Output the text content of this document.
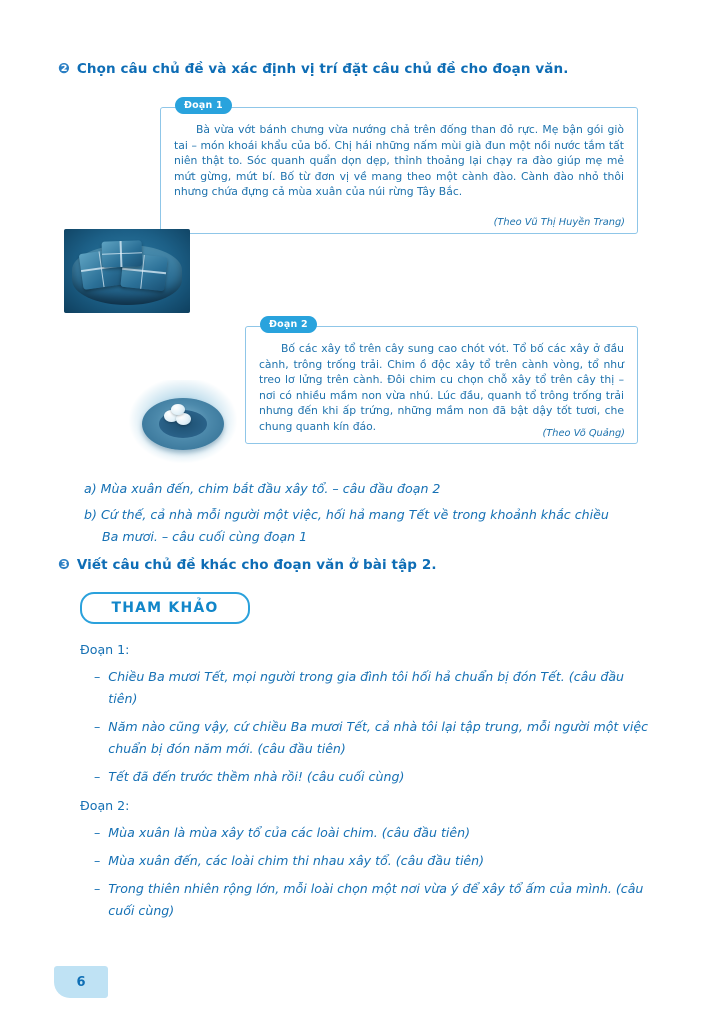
❷ Chọn câu chủ đề và xác định vị trí đặt câu chủ đề cho đoạn văn.
Đoạn 1
Bà vừa vớt bánh chưng vừa nướng chả trên đống than đỏ rực. Mẹ bận gói giò tai – món khoái khẩu của bố. Chị hái những nấm mùi già đun một nồi nước tắm tất niên thật to. Sóc quanh quẩn dọn dẹp, thỉnh thoảng lại chạy ra đào giúp mẹ mẻ mứt gừng, mứt bí. Bố từ đơn vị về mang theo một cành đào. Cành đào nhỏ thôi nhưng chứa đựng cả mùa xuân của núi rừng Tây Bắc.
(Theo Vũ Thị Huyền Trang)
Đoạn 2
Bố các xây tổ trên cây sung cao chót vót. Tổ bố các xây ở đầu cành, trông trống trải. Chim ồ độc xây tổ trên cành vòng, tổ như treo lơ lửng trên cành. Đôi chim cu chọn chỗ xây tổ trên cây thị – nơi có nhiều mầm non vừa nhú. Lúc đầu, quanh tổ trông trống trải nhưng đến khi ấp trứng, những mầm non đã bật dậy tốt tươi, che chung quanh kín đáo.
(Theo Võ Quảng)
a) Mùa xuân đến, chim bắt đầu xây tổ. – câu đầu đoạn 2
b) Cứ thế, cả nhà mỗi người một việc, hối hả mang Tết về trong khoảnh khắc chiều
Ba mươi. – câu cuối cùng đoạn 1
❸ Viết câu chủ đề khác cho đoạn văn ở bài tập 2.
THAM KHẢO
Đoạn 1:
– Chiều Ba mươi Tết, mọi người trong gia đình tôi hối hả chuẩn bị đón Tết. (câu đầu tiên)
– Năm nào cũng vậy, cứ chiều Ba mươi Tết, cả nhà tôi lại tập trung, mỗi người một việc chuẩn bị đón năm mới. (câu đầu tiên)
– Tết đã đến trước thềm nhà rồi! (câu cuối cùng)
Đoạn 2:
– Mùa xuân là mùa xây tổ của các loài chim. (câu đầu tiên)
– Mùa xuân đến, các loài chim thi nhau xây tổ. (câu đầu tiên)
– Trong thiên nhiên rộng lớn, mỗi loài chọn một nơi vừa ý để xây tổ ấm của mình. (câu cuối cùng)
6
